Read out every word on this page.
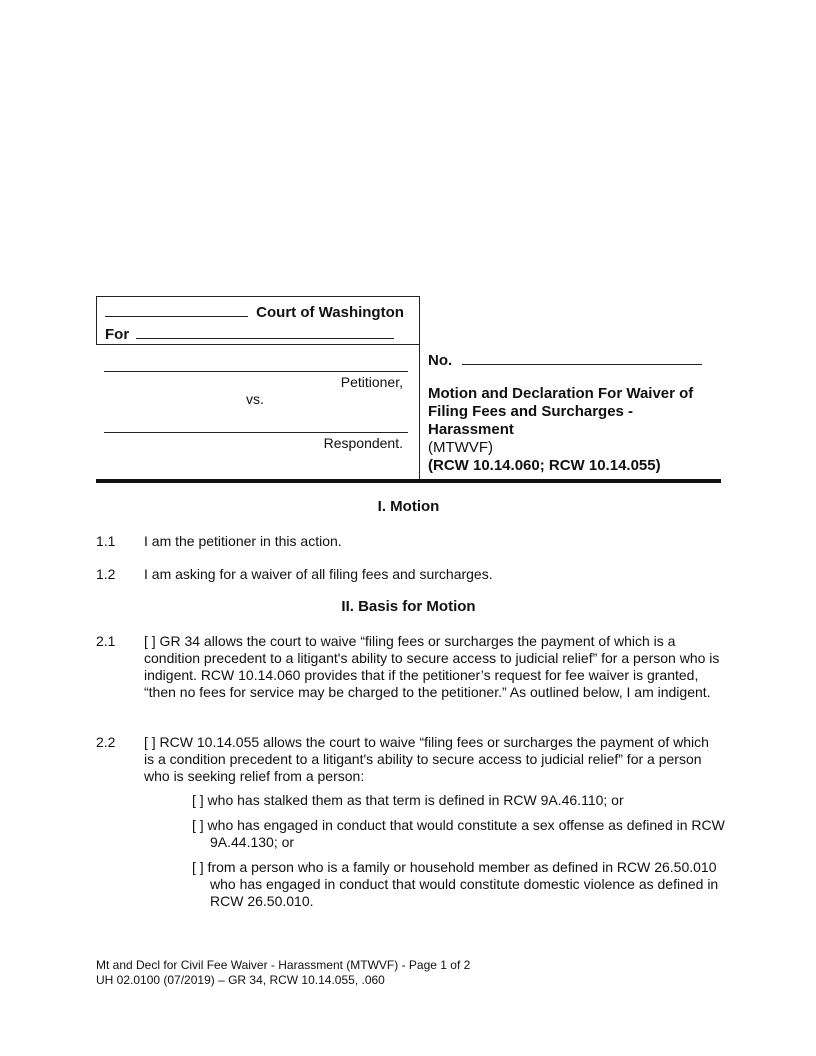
Court of Washington
For
Petitioner,
vs.
Respondent.
No.
Motion and Declaration For Waiver of
Filing Fees and Surcharges -
Harassment
(MTWVF)
(RCW 10.14.060; RCW 10.14.055)
I. Motion
1.1 I am the petitioner in this action.
1.2 I am asking for a waiver of all filing fees and surcharges.
II. Basis for Motion
2.1 [ ] GR 34 allows the court to waive “filing fees or surcharges the payment of which is a condition precedent to a litigant's ability to secure access to judicial relief” for a person who is indigent. RCW 10.14.060 provides that if the petitioner’s request for fee waiver is granted, “then no fees for service may be charged to the petitioner.” As outlined below, I am indigent.
2.2 [ ] RCW 10.14.055 allows the court to waive “filing fees or surcharges the payment of which is a condition precedent to a litigant's ability to secure access to judicial relief” for a person who is seeking relief from a person:
[ ] who has stalked them as that term is defined in RCW 9A.46.110; or
[ ] who has engaged in conduct that would constitute a sex offense as defined in RCW 9A.44.130; or
[ ] from a person who is a family or household member as defined in RCW 26.50.010 who has engaged in conduct that would constitute domestic violence as defined in RCW 26.50.010.
Mt and Decl for Civil Fee Waiver - Harassment (MTWVF) - Page 1 of 2
UH 02.0100 (07/2019) – GR 34, RCW 10.14.055, .060
